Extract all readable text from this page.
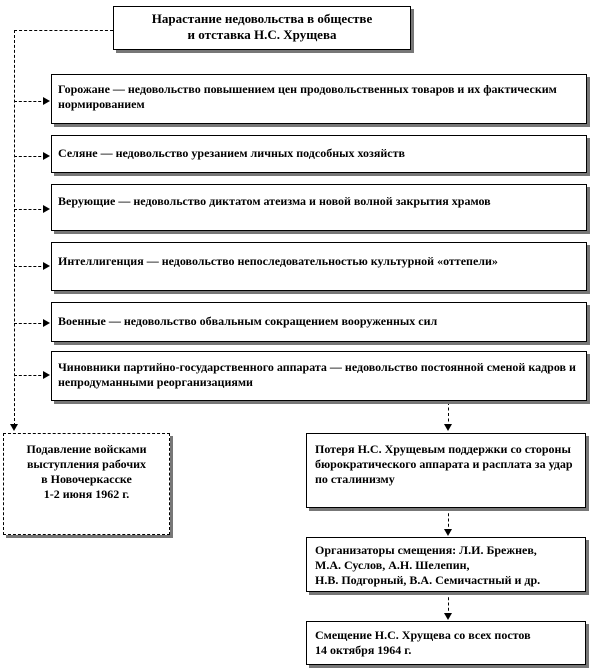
Нарастание недовольства в обществе
и отставка Н.С. Хрущева
Горожане — недовольство повышением цен продовольственных товаров и их фактическим нормированием
Селяне — недовольство урезанием личных подсобных хозяйств
Верующие — недовольство диктатом атеизма и новой волной закрытия храмов
Интеллигенция — недовольство непоследовательностью культурной «оттепели»
Военные — недовольство обвальным сокращением вооруженных сил
Чиновники партийно-государственного аппарата — недовольство постоянной сменой кадров и непродуманными реорганизациями
Подавление войсками
выступления рабочих
в Новочеркасске
1-2 июня 1962 г.
Потеря Н.С. Хрущевым поддержки со стороны бюрократического аппарата и расплата за удар по сталинизму
Организаторы смещения: Л.И. Брежнев,
М.А. Суслов, А.Н. Шелепин,
Н.В. Подгорный, В.А. Семичастный и др.
Смещение Н.С. Хрущева со всех постов
14 октября 1964 г.
